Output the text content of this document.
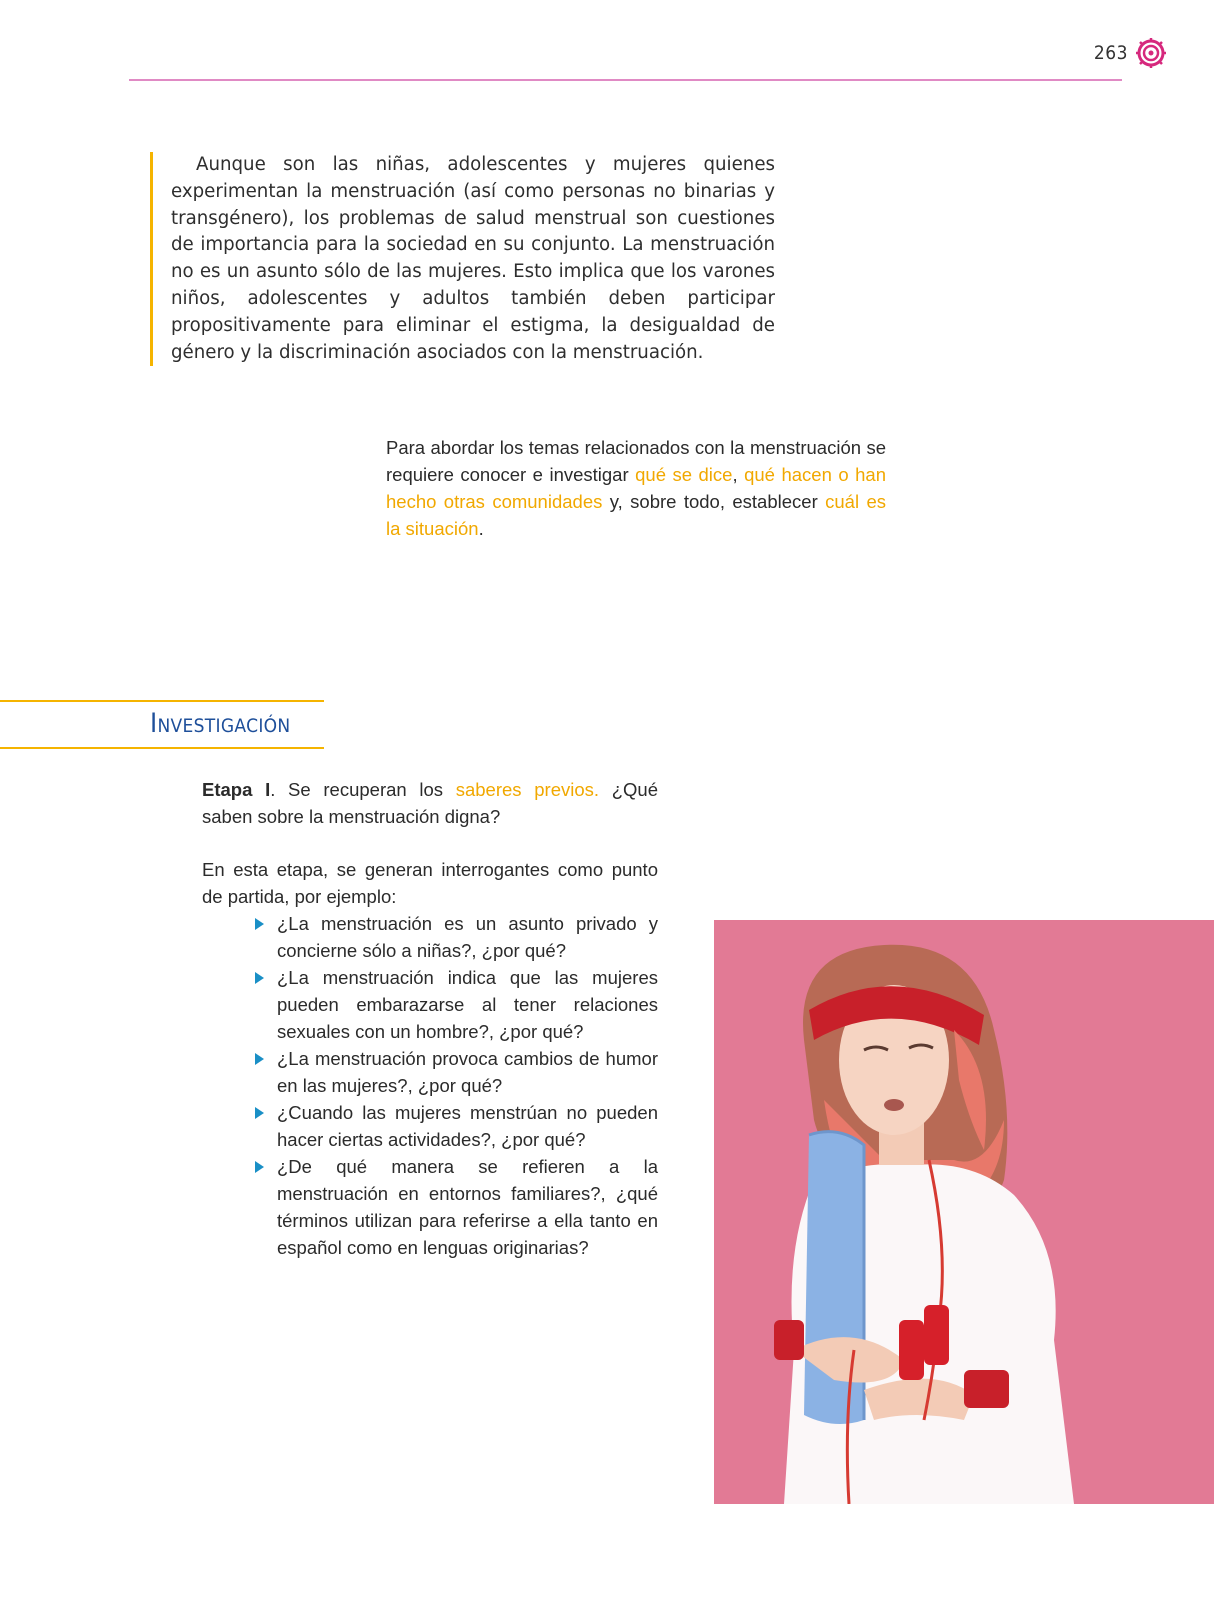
263

Aunque son las niñas, adolescentes y mujeres quienes experimentan la menstruación (así como personas no binarias y transgénero), los problemas de salud menstrual son cuestiones de importancia para la sociedad en su conjunto. La menstruación no es un asunto sólo de las mujeres. Esto implica que los varones niños, adolescentes y adultos también deben participar propositivamente para eliminar el estigma, la desigualdad de género y la discriminación asociados con la menstruación.

Para abordar los temas relacionados con la menstruación se requiere conocer e investigar qué se dice, qué hacen o han hecho otras comunidades y, sobre todo, establecer cuál es la situación.

Investigación

Etapa I. Se recuperan los saberes previos. ¿Qué saben sobre la menstruación digna?

En esta etapa, se generan interrogantes como punto de partida, por ejemplo:

¿La menstruación es un asunto privado y concierne sólo a niñas?, ¿por qué?
¿La menstruación indica que las mujeres pueden embarazarse al tener relaciones sexuales con un hombre?, ¿por qué?
¿La menstruación provoca cambios de humor en las mujeres?, ¿por qué?
¿Cuando las mujeres menstrúan no pueden hacer ciertas actividades?, ¿por qué?
¿De qué manera se refieren a la menstruación en entornos familiares?, ¿qué términos utilizan para referirse a ella tanto en español como en lenguas originarias?
